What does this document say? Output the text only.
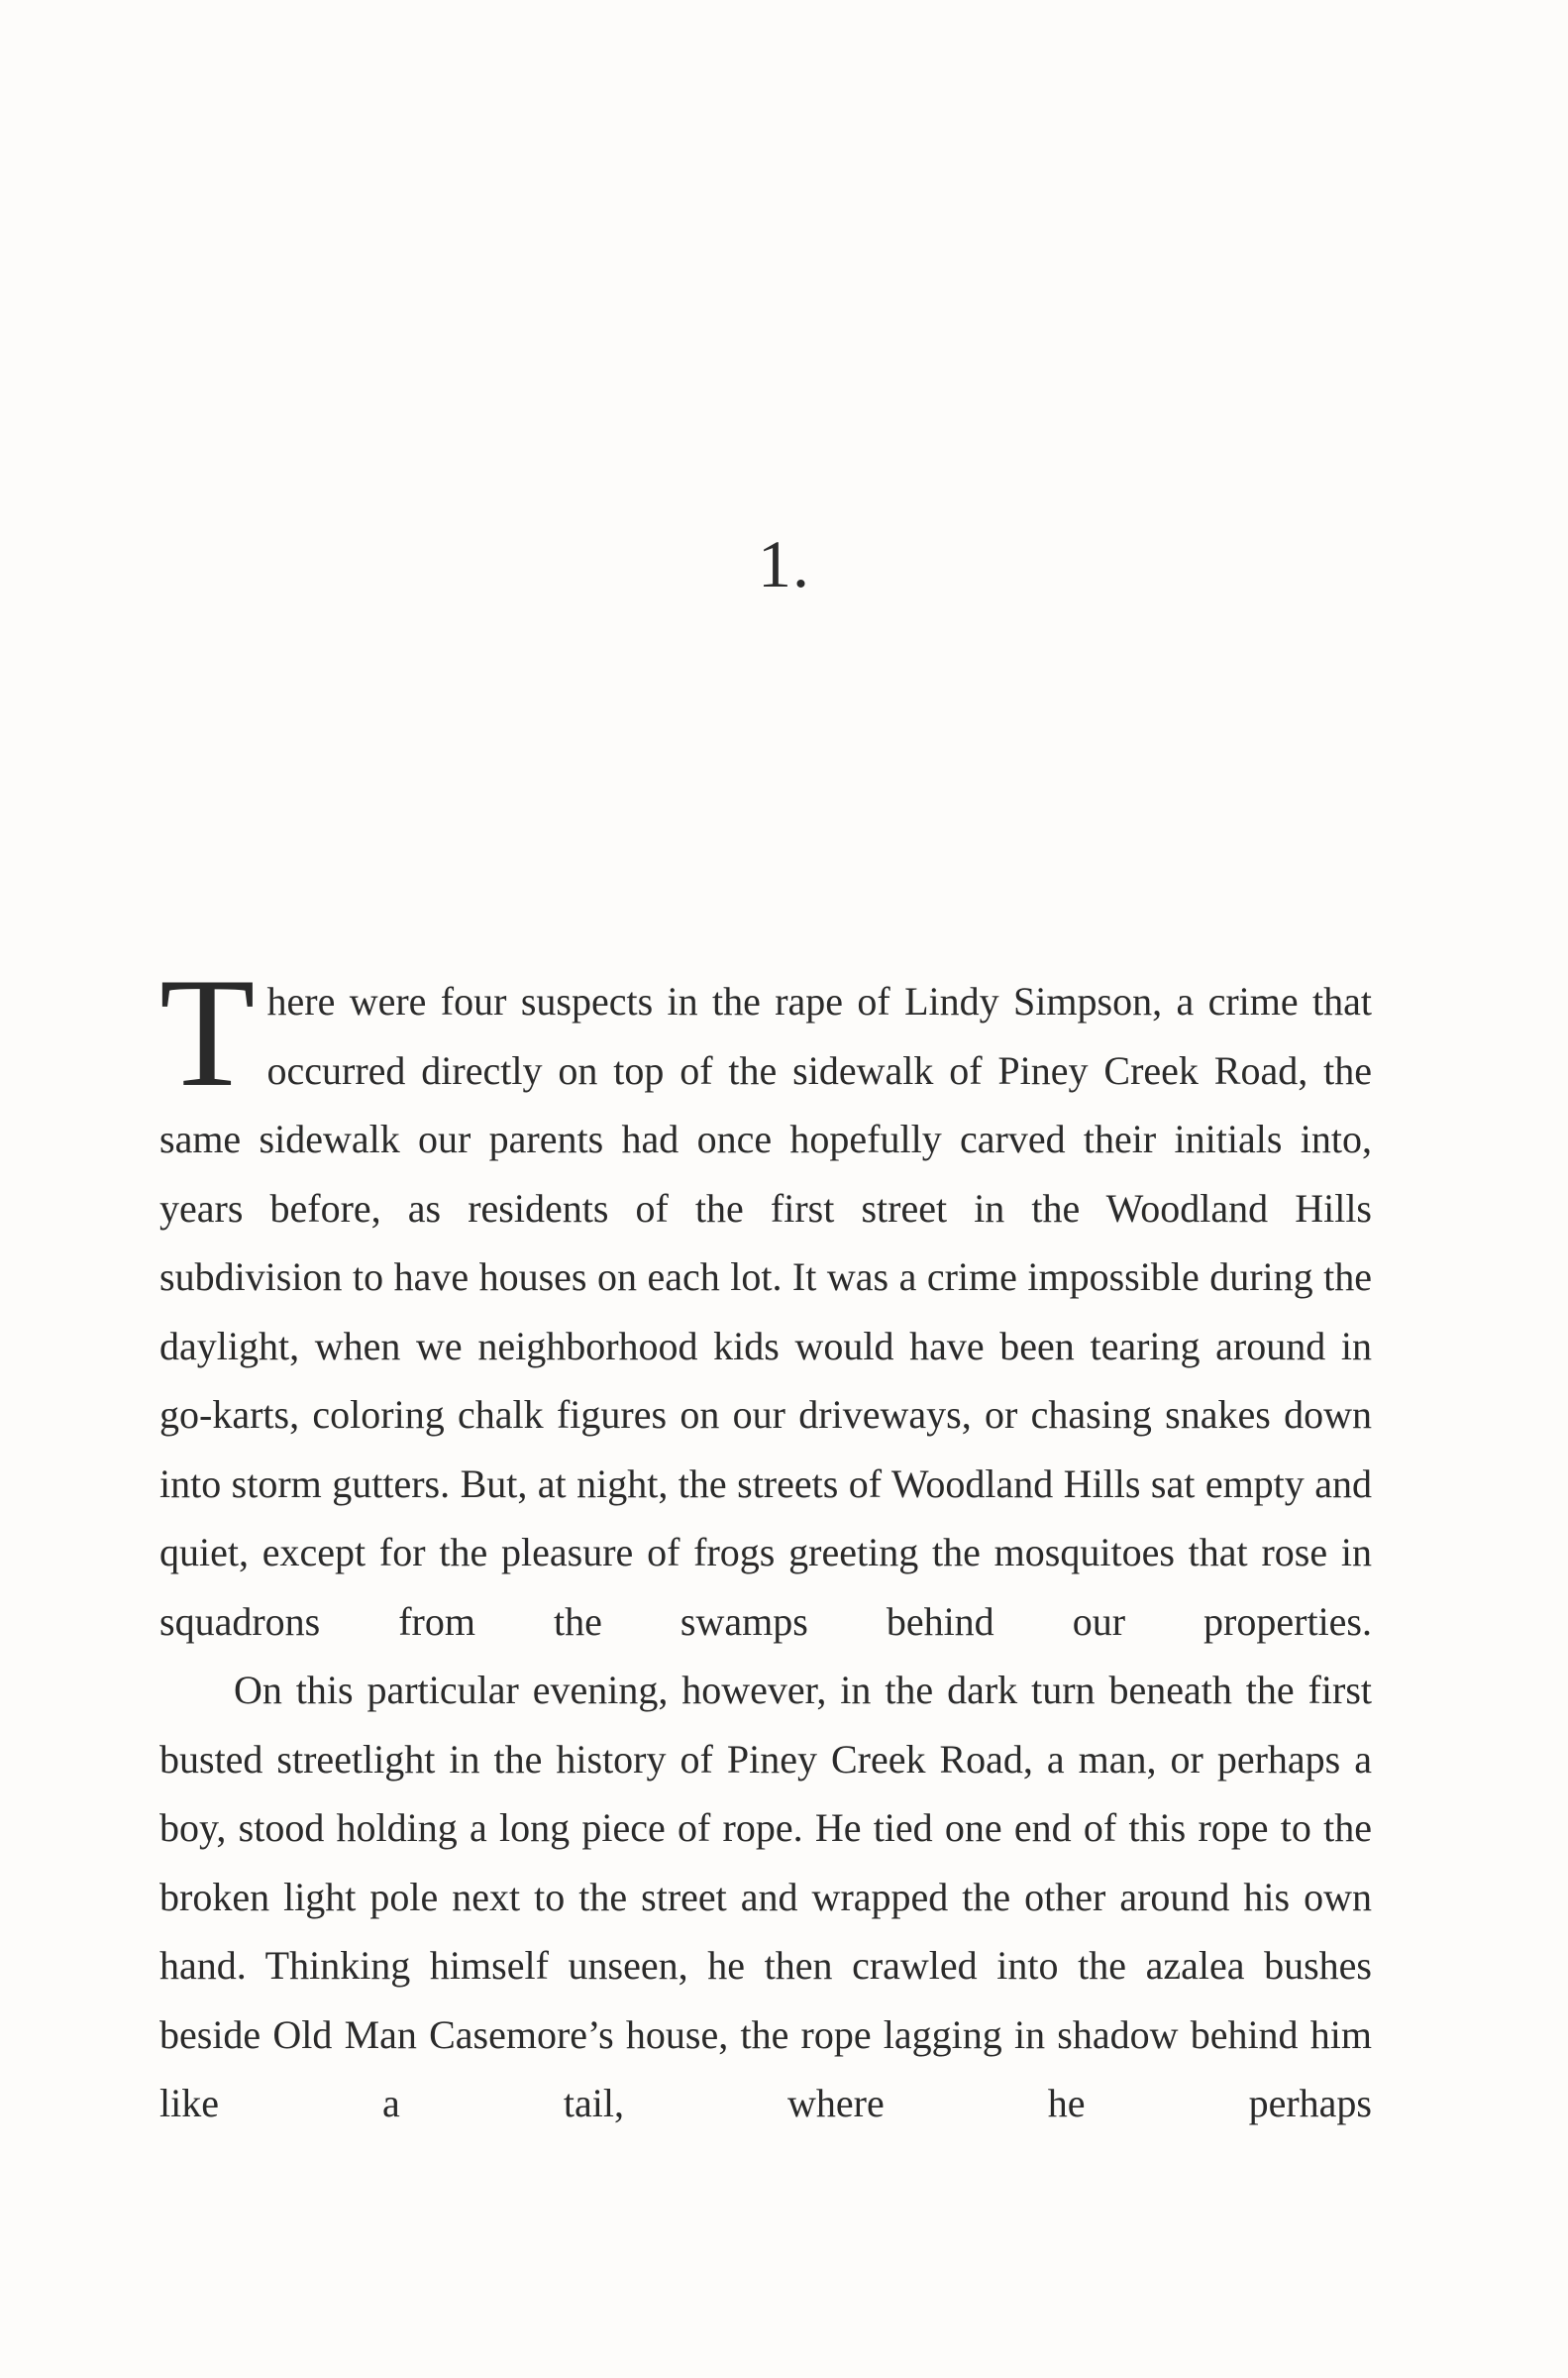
1.

There were four suspects in the rape of Lindy Simpson, a crime that occurred directly on top of the sidewalk of Piney Creek Road, the same sidewalk our parents had once hopefully carved their initials into, years before, as residents of the first street in the Woodland Hills subdivision to have houses on each lot. It was a crime impossible during the daylight, when we neighborhood kids would have been tearing around in go-karts, coloring chalk figures on our driveways, or chasing snakes down into storm gutters. But, at night, the streets of Woodland Hills sat empty and quiet, except for the pleasure of frogs greeting the mosquitoes that rose in squadrons from the swamps behind our properties.

On this particular evening, however, in the dark turn beneath the first busted streetlight in the history of Piney Creek Road, a man, or perhaps a boy, stood holding a long piece of rope. He tied one end of this rope to the broken light pole next to the street and wrapped the other around his own hand. Thinking himself unseen, he then crawled into the azalea bushes beside Old Man Casemore’s house, the rope lagging in shadow behind him like a tail, where he perhaps
